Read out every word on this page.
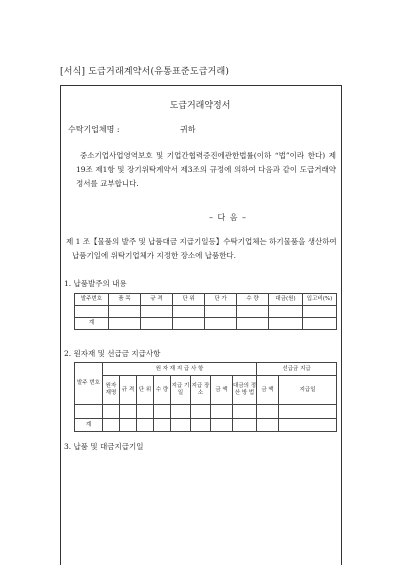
[서식] 도급거래계약서(유통표준도급거래)
도급거래약정서
수탁기업체명 :	귀하
중소기업사업영역보호 및 기업간협력증진에관한법률(이하 “법”이라 한다) 제19조 제1항 및 장기위탁계약서 제3조의 규정에 의하여 다음과 같이 도급거래약정서를 교부합니다.
– 다 음 –
제 1 조【물품의 발주 및 납품대금 지급기일등】수탁기업체는 하기물품을 생산하여 납품기일에 위탁기업체가 지정한 장소에 납품한다.
1. 납품발주의 내용
발주번호	품 목	규 격	단 위	단 가	수 량	대금(원)	입고비(%)

계							
2. 원자재 및 선급금 지급사항
발주 번호	원 자 재 지 급 사 항								선급금 지급	
	원자 재명	규 격	단 위	수 량	지급 기일	지급 장소	금 액	대금의 정 산 방 법	금 액	지급일

계										
3. 납품 및 대금지급기일
